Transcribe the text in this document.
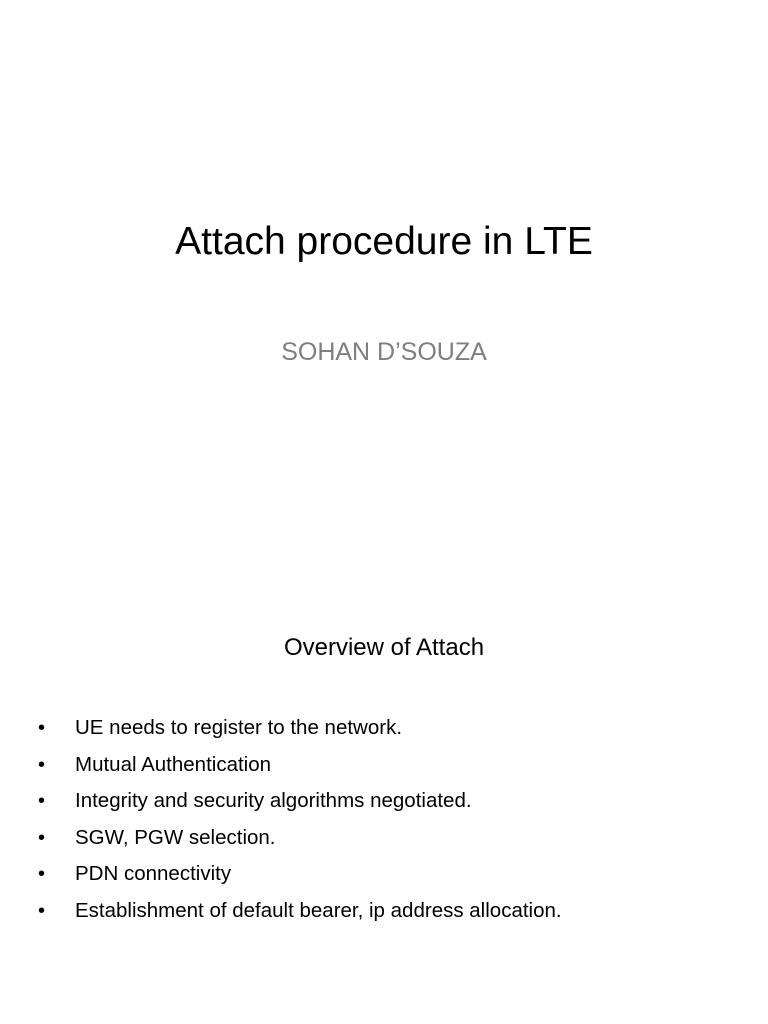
Attach procedure in LTE
SOHAN D’SOUZA
Overview of Attach
•	UE needs to register to the network.
•	Mutual Authentication
•	Integrity and security algorithms negotiated.
•	SGW, PGW selection.
•	PDN connectivity
•	Establishment of default bearer, ip address allocation.
